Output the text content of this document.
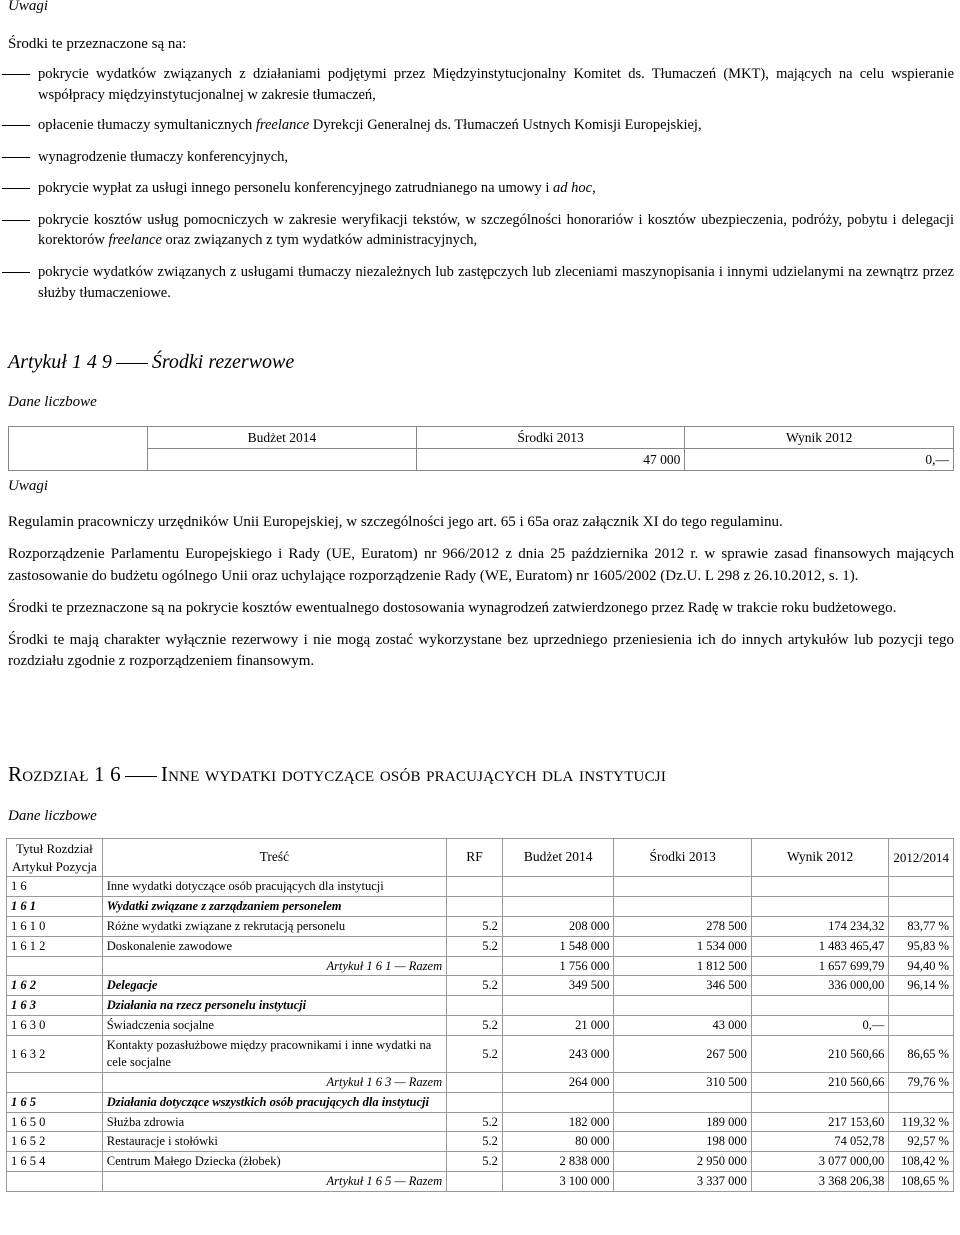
Uwagi
Środki te przeznaczone są na:
pokrycie wydatków związanych z działaniami podjętymi przez Międzyinstytucjonalny Komitet ds. Tłumaczeń (MKT), mających na celu wspieranie współpracy międzyinstytucjonalnej w zakresie tłumaczeń,
opłacenie tłumaczy symultanicznych freelance Dyrekcji Generalnej ds. Tłumaczeń Ustnych Komisji Europejskiej,
wynagrodzenie tłumaczy konferencyjnych,
pokrycie wypłat za usługi innego personelu konferencyjnego zatrudnianego na umowy i ad hoc,
pokrycie kosztów usług pomocniczych w zakresie weryfikacji tekstów, w szczególności honorariów i kosztów ubezpieczenia, podróży, pobytu i delegacji korektorów freelance oraz związanych z tym wydatków administracyjnych,
pokrycie wydatków związanych z usługami tłumaczy niezależnych lub zastępczych lub zleceniami maszynopisania i innymi udzielanymi na zewnątrz przez służby tłumaczeniowe.
Artykuł 1 4 9 Środki rezerwowe
Dane liczbowe
	Budżet 2014	Środki 2013	Wynik 2012
		47 000	0,—
Uwagi

Regulamin pracowniczy urzędników Unii Europejskiej, w szczególności jego art. 65 i 65a oraz załącznik XI do tego regulaminu.

Rozporządzenie Parlamentu Europejskiego i Rady (UE, Euratom) nr 966/2012 z dnia 25 października 2012 r. w sprawie zasad finansowych mających zastosowanie do budżetu ogólnego Unii oraz uchylające rozporządzenie Rady (WE, Euratom) nr 1605/2002 (Dz.U. L 298 z 26.10.2012, s. 1).

Środki te przeznaczone są na pokrycie kosztów ewentualnego dostosowania wynagrodzeń zatwierdzonego przez Radę w trakcie roku budżetowego.

Środki te mają charakter wyłącznie rezerwowy i nie mogą zostać wykorzystane bez uprzedniego przeniesienia ich do innych artykułów lub pozycji tego rozdziału zgodnie z rozporządzeniem finansowym.

Rozdział 1 6 Inne wydatki dotyczące osób pracujących dla instytucji
Dane liczbowe
Tytuł Rozdział
Artykuł Pozycja	Treść	RF	Budżet 2014	Środki 2013	Wynik 2012	2012/2014
1 6	Inne wydatki dotyczące osób pracujących dla instytucji					
1 6 1	Wydatki związane z zarządzaniem personelem					
1 6 1 0	Różne wydatki związane z rekrutacją personelu	5.2	208 000	278 500	174 234,32	83,77 %
1 6 1 2	Doskonalenie zawodowe	5.2	1 548 000	1 534 000	1 483 465,47	95,83 %
	Artykuł 1 6 1 — Razem		1 756 000	1 812 500	1 657 699,79	94,40 %
1 6 2	Delegacje	5.2	349 500	346 500	336 000,00	96,14 %
1 6 3	Działania na rzecz personelu instytucji					
1 6 3 0	Świadczenia socjalne	5.2	21 000	43 000	0,—	
1 6 3 2	Kontakty pozasłużbowe między pracownikami i inne wydatki na cele socjalne	5.2	243 000	267 500	210 560,66	86,65 %
	Artykuł 1 6 3 — Razem		264 000	310 500	210 560,66	79,76 %
1 6 5	Działania dotyczące wszystkich osób pracujących dla instytucji					
1 6 5 0	Służba zdrowia	5.2	182 000	189 000	217 153,60	119,32 %
1 6 5 2	Restauracje i stołówki	5.2	80 000	198 000	74 052,78	92,57 %
1 6 5 4	Centrum Małego Dziecka (żłobek)	5.2	2 838 000	2 950 000	3 077 000,00	108,42 %
	Artykuł 1 6 5 — Razem		3 100 000	3 337 000	3 368 206,38	108,65 %
